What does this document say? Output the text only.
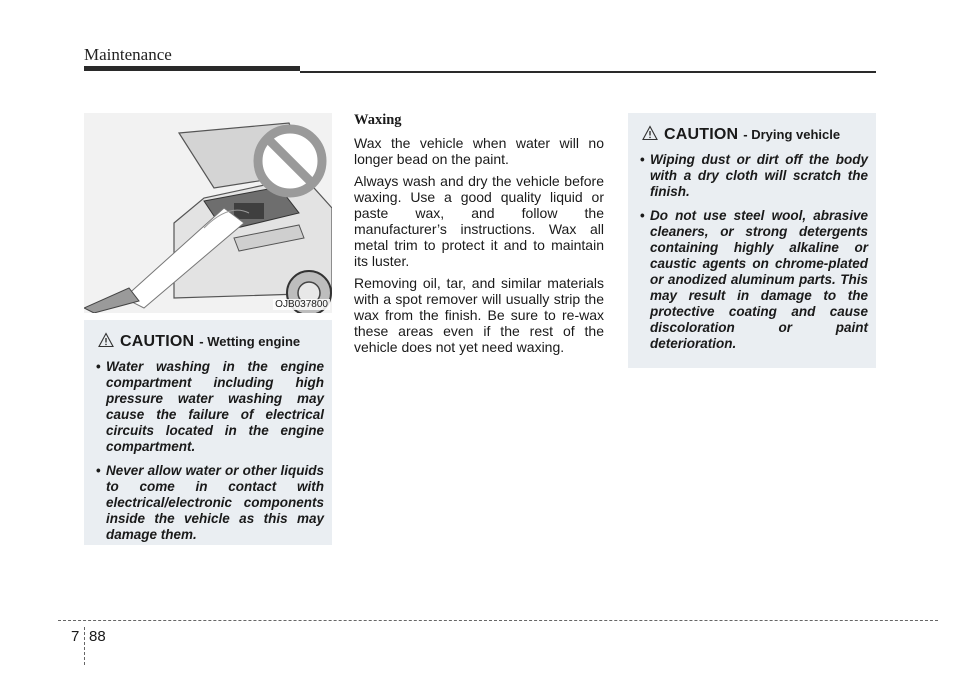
Maintenance
OJB037800
CAUTION - Wetting engine
• Water washing in the engine compartment including high pressure water washing may cause the failure of electrical circuits located in the engine compartment.
• Never allow water or other liquids to come in contact with electrical/electronic components inside the vehicle as this may damage them.
Waxing

Wax the vehicle when water will no longer bead on the paint.

Always wash and dry the vehicle before waxing. Use a good quality liquid or paste wax, and follow the manufacturer’s instructions. Wax all metal trim to protect it and to maintain its luster.

Removing oil, tar, and similar materials with a spot remover will usually strip the wax from the finish. Be sure to re-wax these areas even if the rest of the vehicle does not yet need waxing.

CAUTION - Drying vehicle
• Wiping dust or dirt off the body with a dry cloth will scratch the finish.
• Do not use steel wool, abrasive cleaners, or strong detergents containing highly alkaline or caustic agents on chrome-plated or anodized aluminum parts. This may result in damage to the protective coating and cause discoloration or paint deterioration.
7 88
